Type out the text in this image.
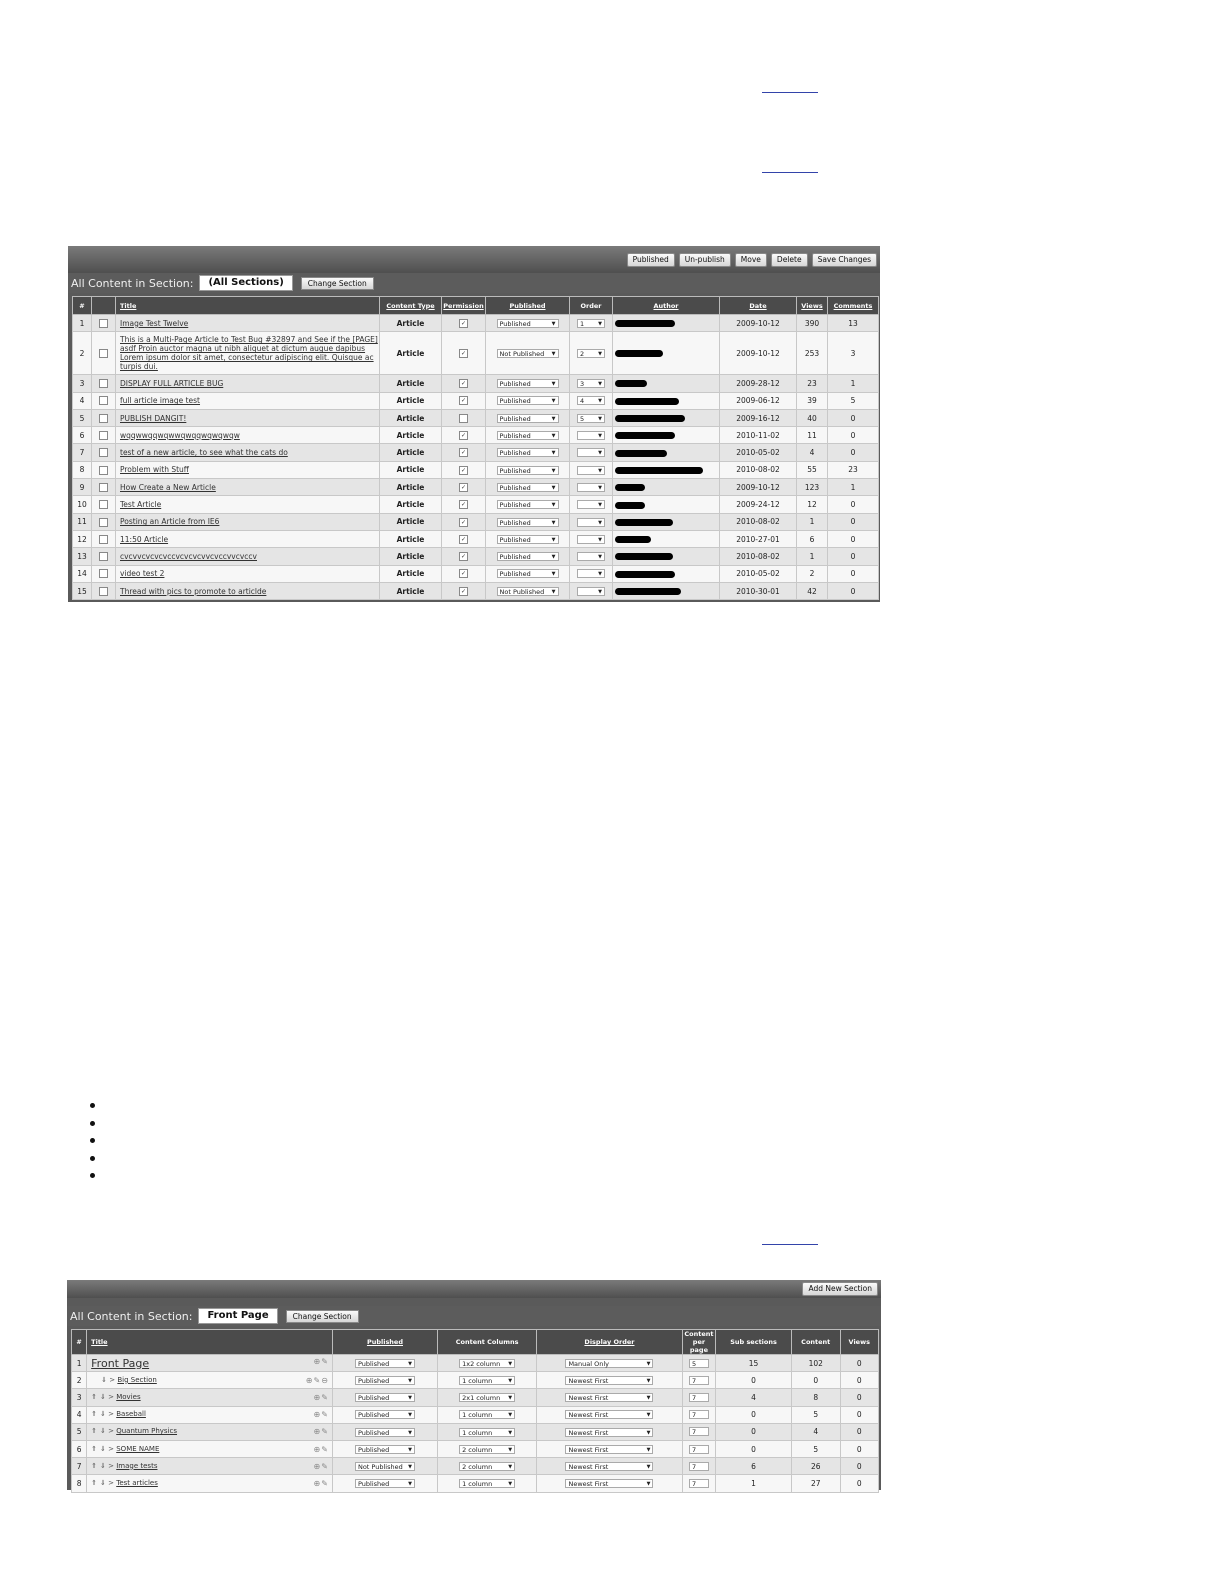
Published	Un-publish	Move	Delete	Save Changes
All Content in Section:	(All Sections)	Change Section
#		Title	Content Type	Permission	Published	Order	Author	Date	Views	Comments
1		Image Test Twelve	Article	✓	Published ▼	1 ▼		2009-10-12	390	13
2		This is a Multi-Page Article to Test Bug #32897 and See if the [PAGE] asdf Proin auctor magna ut nibh aliquet at dictum augue dapibus Lorem ipsum dolor sit amet, consectetur adipiscing elit. Quisque ac turpis dui.	Article	✓	Not Published ▼	2 ▼		2009-10-12	253	3
3		DISPLAY FULL ARTICLE BUG	Article	✓	Published ▼	3 ▼		2009-28-12	23	1
4		full article image test	Article	✓	Published ▼	4 ▼		2009-06-12	39	5
5		PUBLISH DANGIT!	Article		Published ▼	5 ▼		2009-16-12	40	0
6		wqqwwqqwqwwqwqqwqwqwqw	Article	✓	Published ▼	▼		2010-11-02	11	0
7		test of a new article, to see what the cats do	Article	✓	Published ▼	▼		2010-05-02	4	0
8		Problem with Stuff	Article	✓	Published ▼	▼		2010-08-02	55	23
9		How Create a New Article	Article	✓	Published ▼	▼		2009-10-12	123	1
10		Test Article	Article	✓	Published ▼	▼		2009-24-12	12	0
11		Posting an Article from IE6	Article	✓	Published ▼	▼		2010-08-02	1	0
12		11:50 Article	Article	✓	Published ▼	▼		2010-27-01	6	0
13		cvcvvcvcvcvccvcvcvcvvcvccvvcvccv	Article	✓	Published ▼	▼		2010-08-02	1	0
14		video test 2	Article	✓	Published ▼	▼		2010-05-02	2	0
15		Thread with pics to promote to articlde	Article	✓	Not Published ▼	▼		2010-30-01	42	0
Add New Section
All Content in Section:	Front Page	Change Section
#	Title	Published	Content Columns	Display Order	Content per page	Sub sections	Content	Views
1	Front Page ⊕✎	Published ▼	1x2 column ▼	Manual Only ▼	5	15	102	0
2	⇓ > Big Section ⊕✎⊖	Published ▼	1 column ▼	Newest First ▼	7	0	0	0
3	⇑ ⇓ > Movies ⊕✎	Published ▼	2x1 column ▼	Newest First ▼	7	4	8	0
4	⇑ ⇓ > Baseball ⊕✎	Published ▼	1 column ▼	Newest First ▼	7	0	5	0
5	⇑ ⇓ > Quantum Physics ⊕✎	Published ▼	1 column ▼	Newest First ▼	7	0	4	0
6	⇑ ⇓ > SOME NAME ⊕✎	Published ▼	2 column ▼	Newest First ▼	7	0	5	0
7	⇑ ⇓ > Image tests ⊕✎	Not Published ▼	2 column ▼	Newest First ▼	7	6	26	0
8	⇑ ⇓ > Test articles ⊕✎	Published ▼	1 column ▼	Newest First ▼	7	1	27	0
